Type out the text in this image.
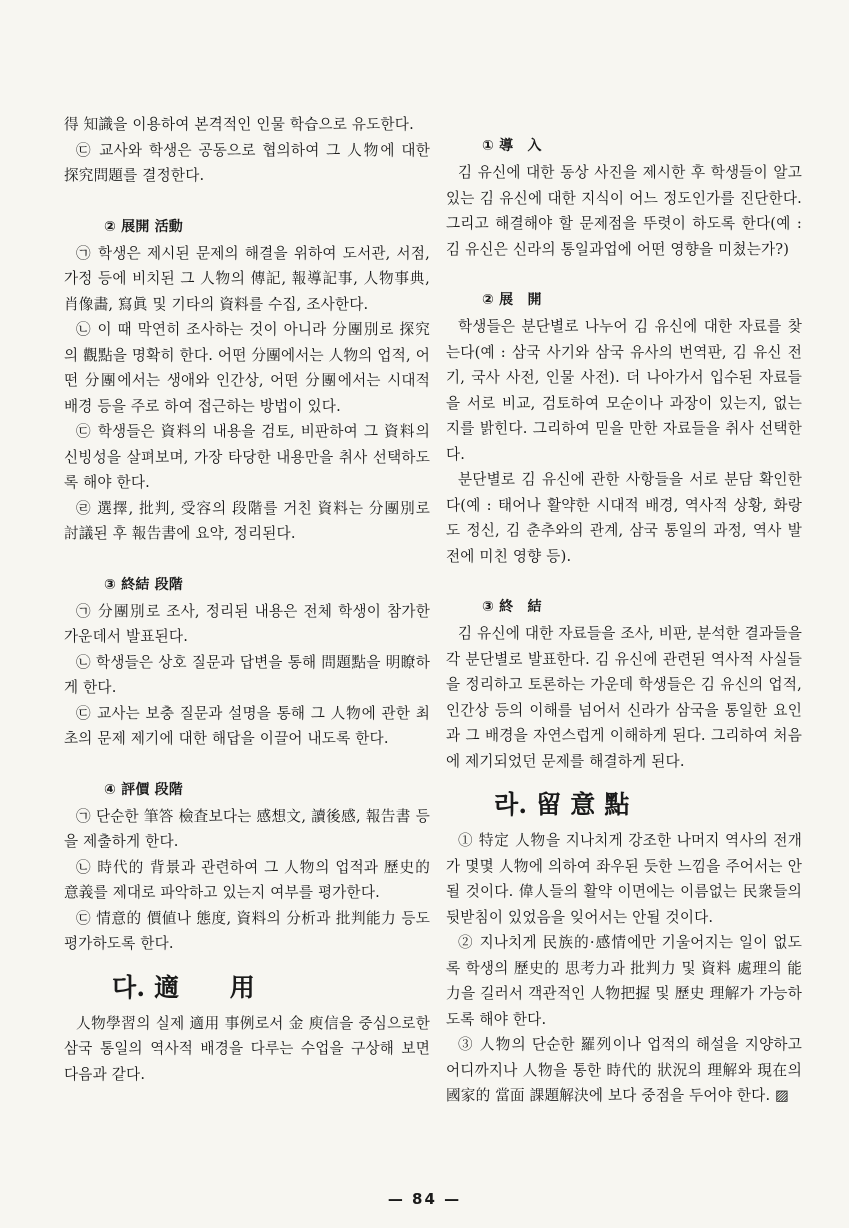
得 知識을 이용하여 본격적인 인물 학습으로 유도한다.

㉢ 교사와 학생은 공동으로 협의하여 그 人物에 대한 探究問題를 결정한다.

② 展開 活動

㉠ 학생은 제시된 문제의 해결을 위하여 도서관, 서점, 가정 등에 비치된 그 人物의 傳記, 報導記事, 人物事典, 肖像畵, 寫眞 및 기타의 資料를 수집, 조사한다.

㉡ 이 때 막연히 조사하는 것이 아니라 分團別로 探究의 觀點을 명확히 한다. 어떤 分團에서는 人物의 업적, 어떤 分團에서는 생애와 인간상, 어떤 分團에서는 시대적 배경 등을 주로 하여 접근하는 방법이 있다.

㉢ 학생들은 資料의 내용을 검토, 비판하여 그 資料의 신빙성을 살펴보며, 가장 타당한 내용만을 취사 선택하도록 해야 한다.

㉣ 選擇, 批判, 受容의 段階를 거친 資料는 分團別로 討議된 후 報告書에 요약, 정리된다.

③ 終結 段階

㉠ 分團別로 조사, 정리된 내용은 전체 학생이 참가한 가운데서 발표된다.

㉡ 학생들은 상호 질문과 답변을 통해 問題點을 明瞭하게 한다.

㉢ 교사는 보충 질문과 설명을 통해 그 人物에 관한 최초의 문제 제기에 대한 해답을 이끌어 내도록 한다.

④ 評價 段階

㉠ 단순한 筆答 檢査보다는 感想文, 讀後感, 報告書 등을 제출하게 한다.

㉡ 時代的 背景과 관련하여 그 人物의 업적과 歷史的 意義를 제대로 파악하고 있는지 여부를 평가한다.

㉢ 情意的 價値나 態度, 資料의 分析과 批判能力 등도 평가하도록 한다.

다. 適　　用

人物學習의 실제 適用 事例로서 金 庾信을 중심으로한 삼국 통일의 역사적 배경을 다루는 수업을 구상해 보면 다음과 같다.

① 導　入

김 유신에 대한 동상 사진을 제시한 후 학생들이 알고 있는 김 유신에 대한 지식이 어느 정도인가를 진단한다. 그리고 해결해야 할 문제점을 뚜렷이 하도록 한다(예 : 김 유신은 신라의 통일과업에 어떤 영향을 미쳤는가?)

② 展　開

학생들은 분단별로 나누어 김 유신에 대한 자료를 찾는다(예 : 삼국 사기와 삼국 유사의 번역판, 김 유신 전기, 국사 사전, 인물 사전). 더 나아가서 입수된 자료들을 서로 비교, 검토하여 모순이나 과장이 있는지, 없는지를 밝힌다. 그리하여 믿을 만한 자료들을 취사 선택한다.

분단별로 김 유신에 관한 사항들을 서로 분담 확인한다(예 : 태어나 활약한 시대적 배경, 역사적 상황, 화랑도 정신, 김 춘추와의 관계, 삼국 통일의 과정, 역사 발전에 미친 영향 등).

③ 終　結

김 유신에 대한 자료들을 조사, 비판, 분석한 결과들을 각 분단별로 발표한다. 김 유신에 관련된 역사적 사실들을 정리하고 토론하는 가운데 학생들은 김 유신의 업적, 인간상 등의 이해를 넘어서 신라가 삼국을 통일한 요인과 그 배경을 자연스럽게 이해하게 된다. 그리하여 처음에 제기되었던 문제를 해결하게 된다.

라. 留 意 點

① 特定 人物을 지나치게 강조한 나머지 역사의 전개가 몇몇 人物에 의하여 좌우된 듯한 느낌을 주어서는 안될 것이다. 偉人들의 활약 이면에는 이름없는 民衆들의 뒷받침이 있었음을 잊어서는 안될 것이다.

② 지나치게 民族的·感情에만 기울어지는 일이 없도록 학생의 歷史的 思考力과 批判力 및 資料 處理의 能力을 길러서 객관적인 人物把握 및 歷史 理解가 가능하도록 해야 한다.

③ 人物의 단순한 羅列이나 업적의 해설을 지양하고 어디까지나 人物을 통한 時代的 狀況의 理解와 現在의 國家的 當面 課題解決에 보다 중점을 두어야 한다. ▨

— 84 —
